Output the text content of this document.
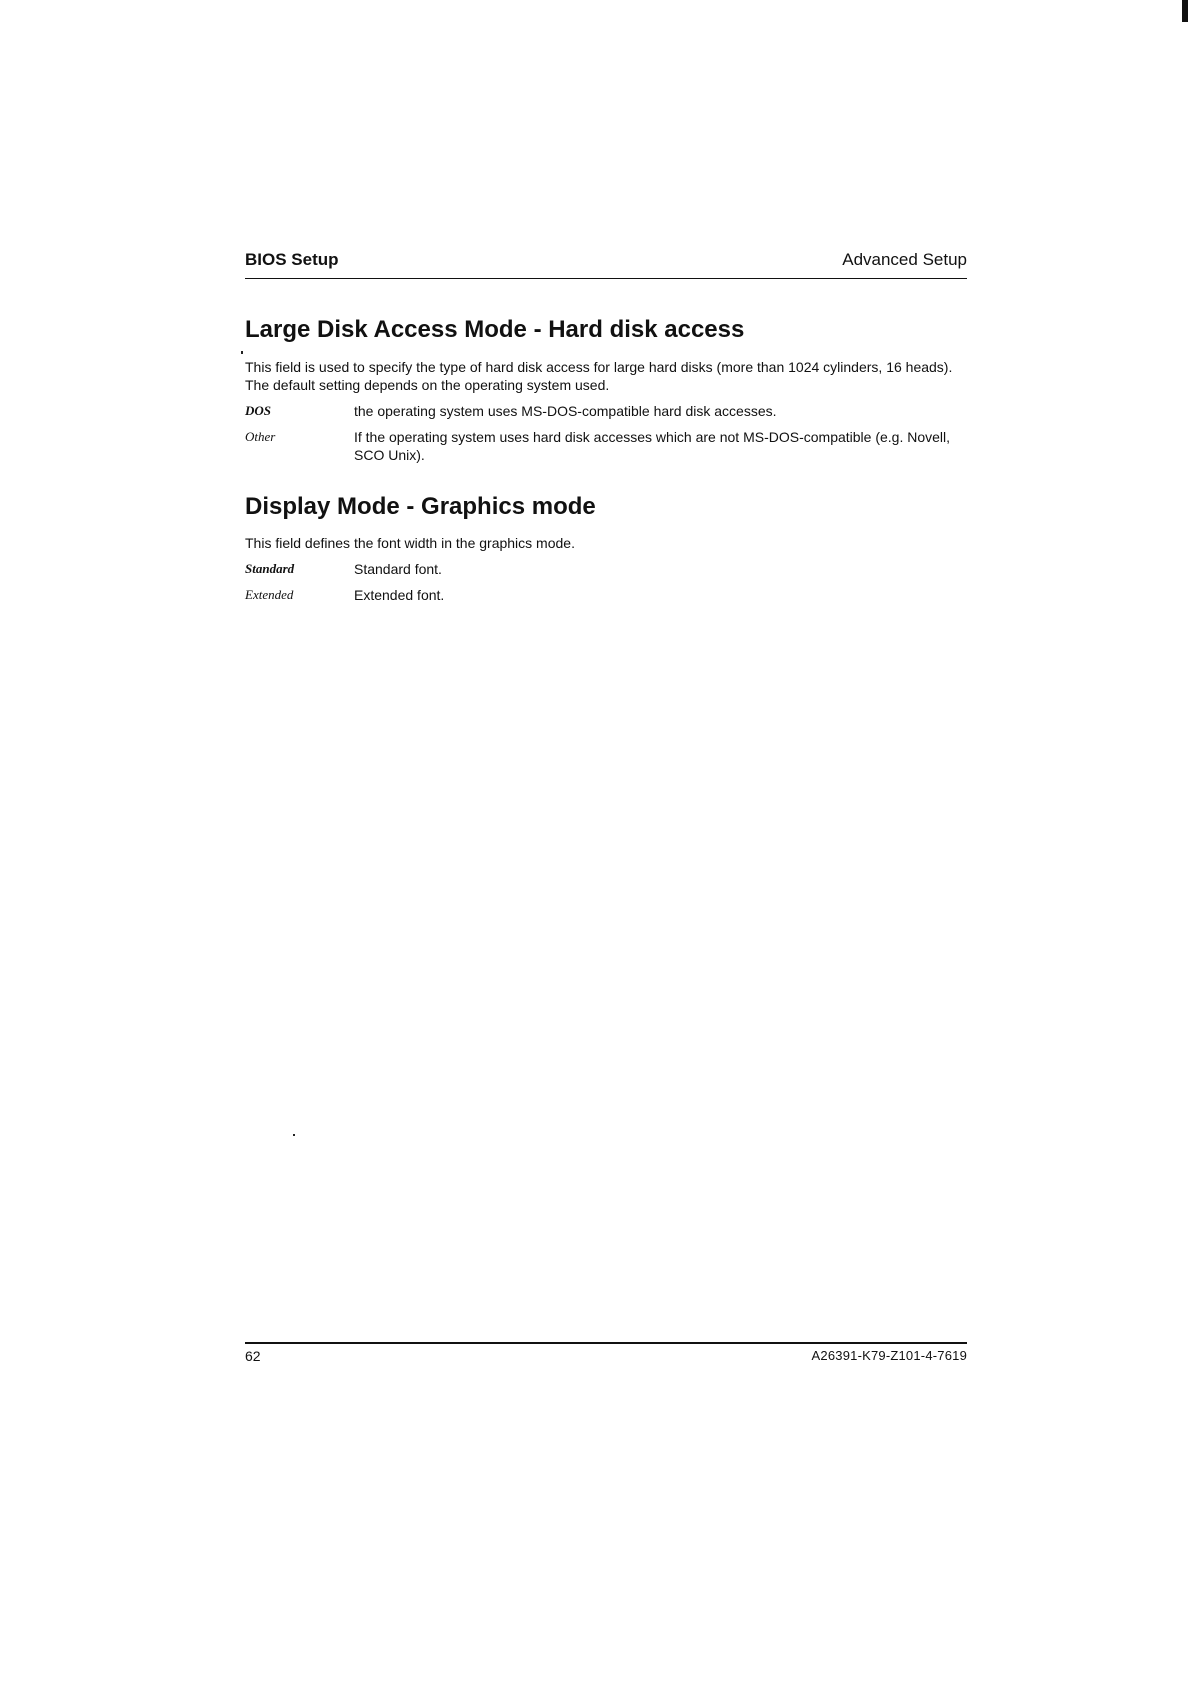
BIOS Setup	Advanced Setup
Large Disk Access Mode - Hard disk access

This field is used to specify the type of hard disk access for large hard disks (more than 1024 cylinders, 16 heads). The default setting depends on the operating system used.

DOS	the operating system uses MS-DOS-compatible hard disk accesses.
Other	If the operating system uses hard disk accesses which are not MS-DOS-compatible (e.g. Novell, SCO Unix).
Display Mode - Graphics mode

This field defines the font width in the graphics mode.

Standard	Standard font.
Extended	Extended font.
62	A26391-K79-Z101-4-7619
